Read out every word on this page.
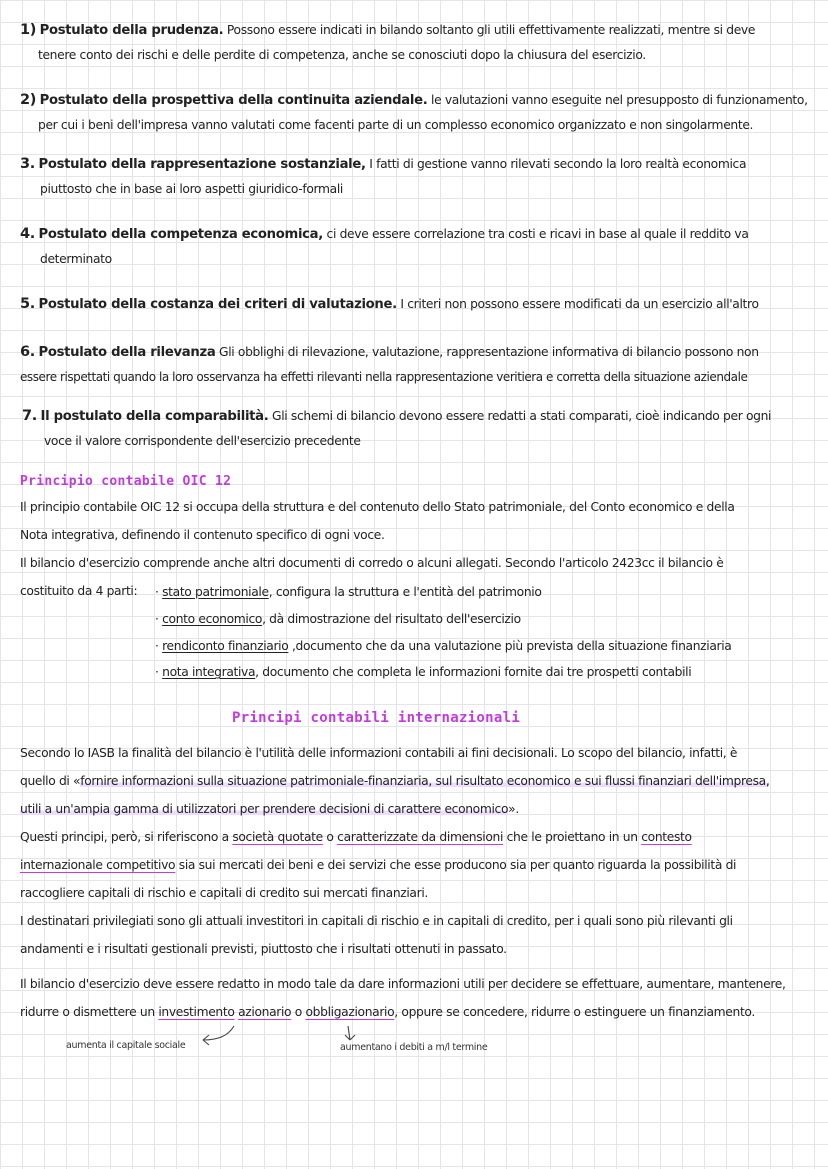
1) Postulato della prudenza. Possono essere indicati in bilando soltanto gli utili effettivamente realizzati, mentre si deve
tenere conto dei rischi e delle perdite di competenza, anche se conosciuti dopo la chiusura del esercizio.
2) Postulato della prospettiva della continuita aziendale. le valutazioni vanno eseguite nel presupposto di funzionamento,
per cui i beni dell'impresa vanno valutati come facenti parte di un complesso economico organizzato e non singolarmente.
3. Postulato della rappresentazione sostanziale, I fatti di gestione vanno rilevati secondo la loro realtà economica
piuttosto che in base ai loro aspetti giuridico-formali
4. Postulato della competenza economica, ci deve essere correlazione tra costi e ricavi in base al quale il reddito va
determinato
5. Postulato della costanza dei criteri di valutazione. I criteri non possono essere modificati da un esercizio all'altro
6. Postulato della rilevanza Gli obblighi di rilevazione, valutazione, rappresentazione informativa di bilancio possono non
essere rispettati quando la loro osservanza ha effetti rilevanti nella rappresentazione veritiera e corretta della situazione aziendale
7. Il postulato della comparabilità. Gli schemi di bilancio devono essere redatti a stati comparati, cioè indicando per ogni
voce il valore corrispondente dell'esercizio precedente
Principio contabile OIC 12
Il principio contabile OIC 12 si occupa della struttura e del contenuto dello Stato patrimoniale, del Conto economico e della
Nota integrativa, definendo il contenuto specifico di ogni voce.
Il bilancio d'esercizio comprende anche altri documenti di corredo o alcuni allegati. Secondo l'articolo 2423cc il bilancio è
costituito da 4 parti:	· stato patrimoniale, configura la struttura e l'entità del patrimonio
· conto economico, dà dimostrazione del risultato dell'esercizio
· rendiconto finanziario ,documento che da una valutazione più prevista della situazione finanziaria
· nota integrativa, documento che completa le informazioni fornite dai tre prospetti contabili
Principi contabili internazionali
Secondo lo IASB la finalità del bilancio è l'utilità delle informazioni contabili ai fini decisionali. Lo scopo del bilancio, infatti, è
quello di «fornire informazioni sulla situazione patrimoniale-finanziaria, sul risultato economico e sui flussi finanziari dell'impresa,
utili a un'ampia gamma di utilizzatori per prendere decisioni di carattere economico».
Questi principi, però, si riferiscono a società quotate o caratterizzate da dimensioni che le proiettano in un contesto
internazionale competitivo sia sui mercati dei beni e dei servizi che esse producono sia per quanto riguarda la possibilità di
raccogliere capitali di rischio e capitali di credito sui mercati finanziari.
I destinatari privilegiati sono gli attuali investitori in capitali di rischio e in capitali di credito, per i quali sono più rilevanti gli
andamenti e i risultati gestionali previsti, piuttosto che i risultati ottenuti in passato.
Il bilancio d'esercizio deve essere redatto in modo tale da dare informazioni utili per decidere se effettuare, aumentare, mantenere,
ridurre o dismettere un investimento azionario o obbligazionario, oppure se concedere, ridurre o estinguere un finanziamento.
aumenta il capitale sociale	aumentano i debiti a m/l termine
